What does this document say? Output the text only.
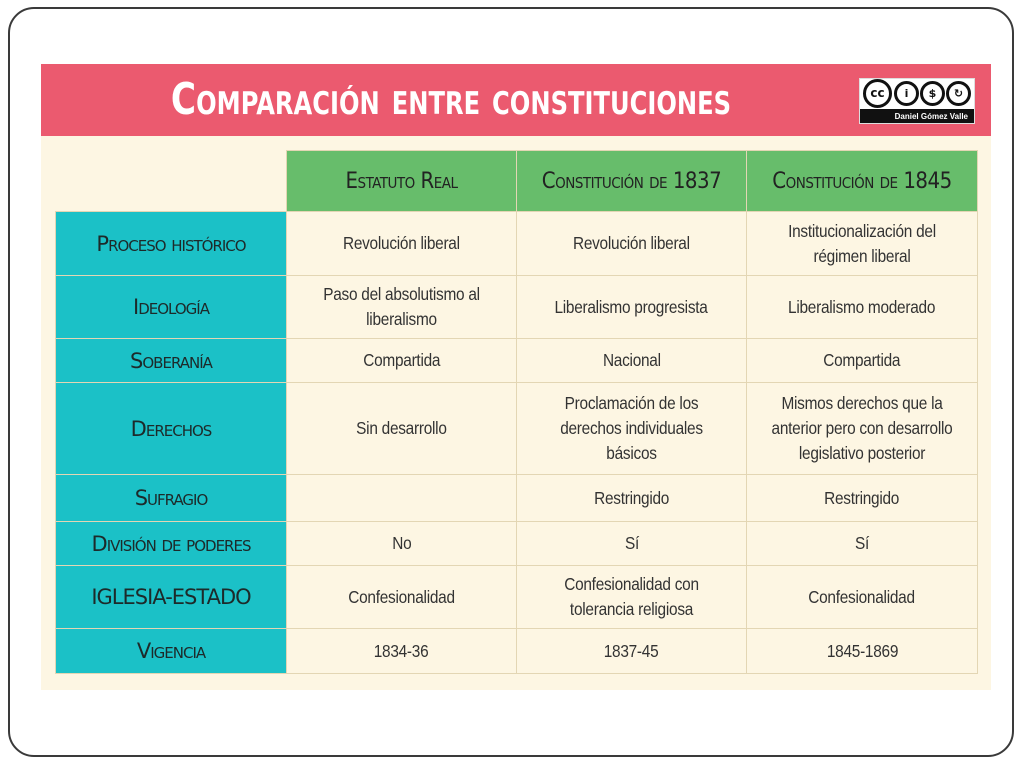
Comparación entre constituciones	cc	i	$	↻
Daniel Gómez Valle
	Estatuto Real	Constitución de 1837	Constitución de 1845
Proceso histórico	Revolución liberal	Revolución liberal	Institucionalización del régimen liberal
Ideología	Paso del absolutismo al liberalismo	Liberalismo progresista	Liberalismo moderado
Soberanía	Compartida	Nacional	Compartida
Derechos	Sin desarrollo	Proclamación de los derechos individuales básicos	Mismos derechos que la anterior pero con desarrollo legislativo posterior
Sufragio		Restringido	Restringido
División de poderes	No	Sí	Sí
IGLESIA-ESTADO	Confesionalidad	Confesionalidad con tolerancia religiosa	Confesionalidad
Vigencia	1834-36	1837-45	1845-1869
